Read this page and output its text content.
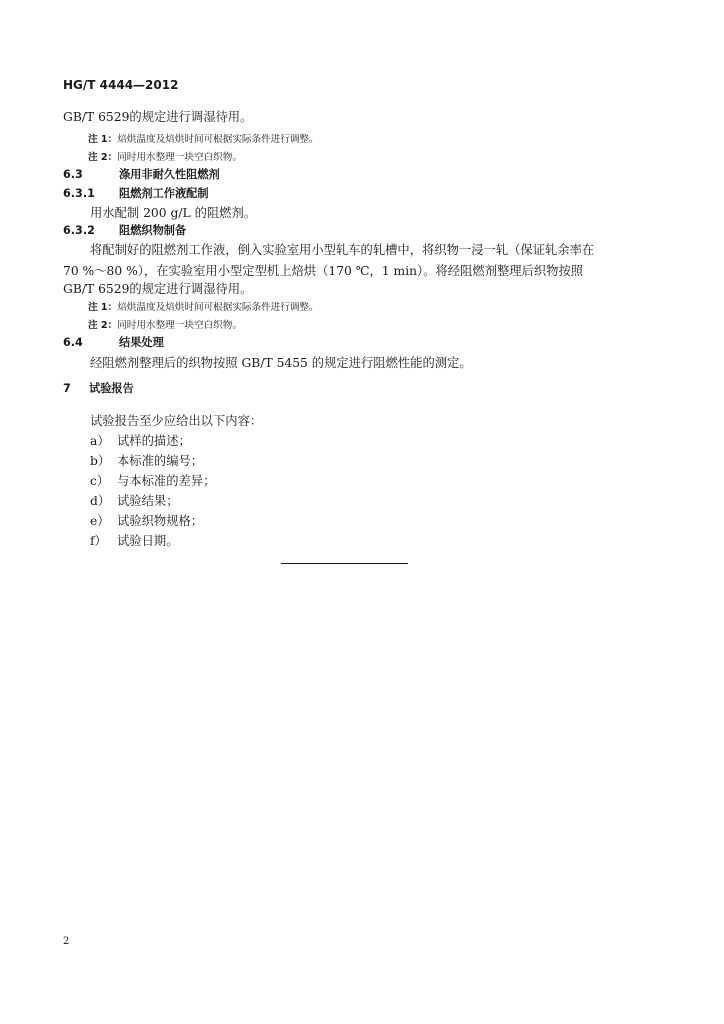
HG/T 4444—2012
GB/T 6529的规定进行调湿待用。
注 1：焙烘温度及焙烘时间可根据实际条件进行调整。
注 2：同时用水整理一块空白织物。
6.3	涤用非耐久性阻燃剂
6.3.1 阻燃剂工作液配制
用水配制 200 g/L 的阻燃剂。
6.3.2 阻燃织物制备
将配制好的阻燃剂工作液，倒入实验室用小型轧车的轧槽中，将织物一浸一轧（保证轧余率在
70 %～80 %），在实验室用小型定型机上焙烘（170 ℃，1 min）。将经阻燃剂整理后织物按照
GB/T 6529的规定进行调湿待用。
注 1：焙烘温度及焙烘时间可根据实际条件进行调整。
注 2：同时用水整理一块空白织物。
6.4	结果处理
经阻燃剂整理后的织物按照 GB/T 5455 的规定进行阻燃性能的测定。
7 试验报告
试验报告至少应给出以下内容：
a） 试样的描述；
b） 本标准的编号；
c） 与本标准的差异；
d） 试验结果；
e） 试验织物规格；
f） 试验日期。
2
